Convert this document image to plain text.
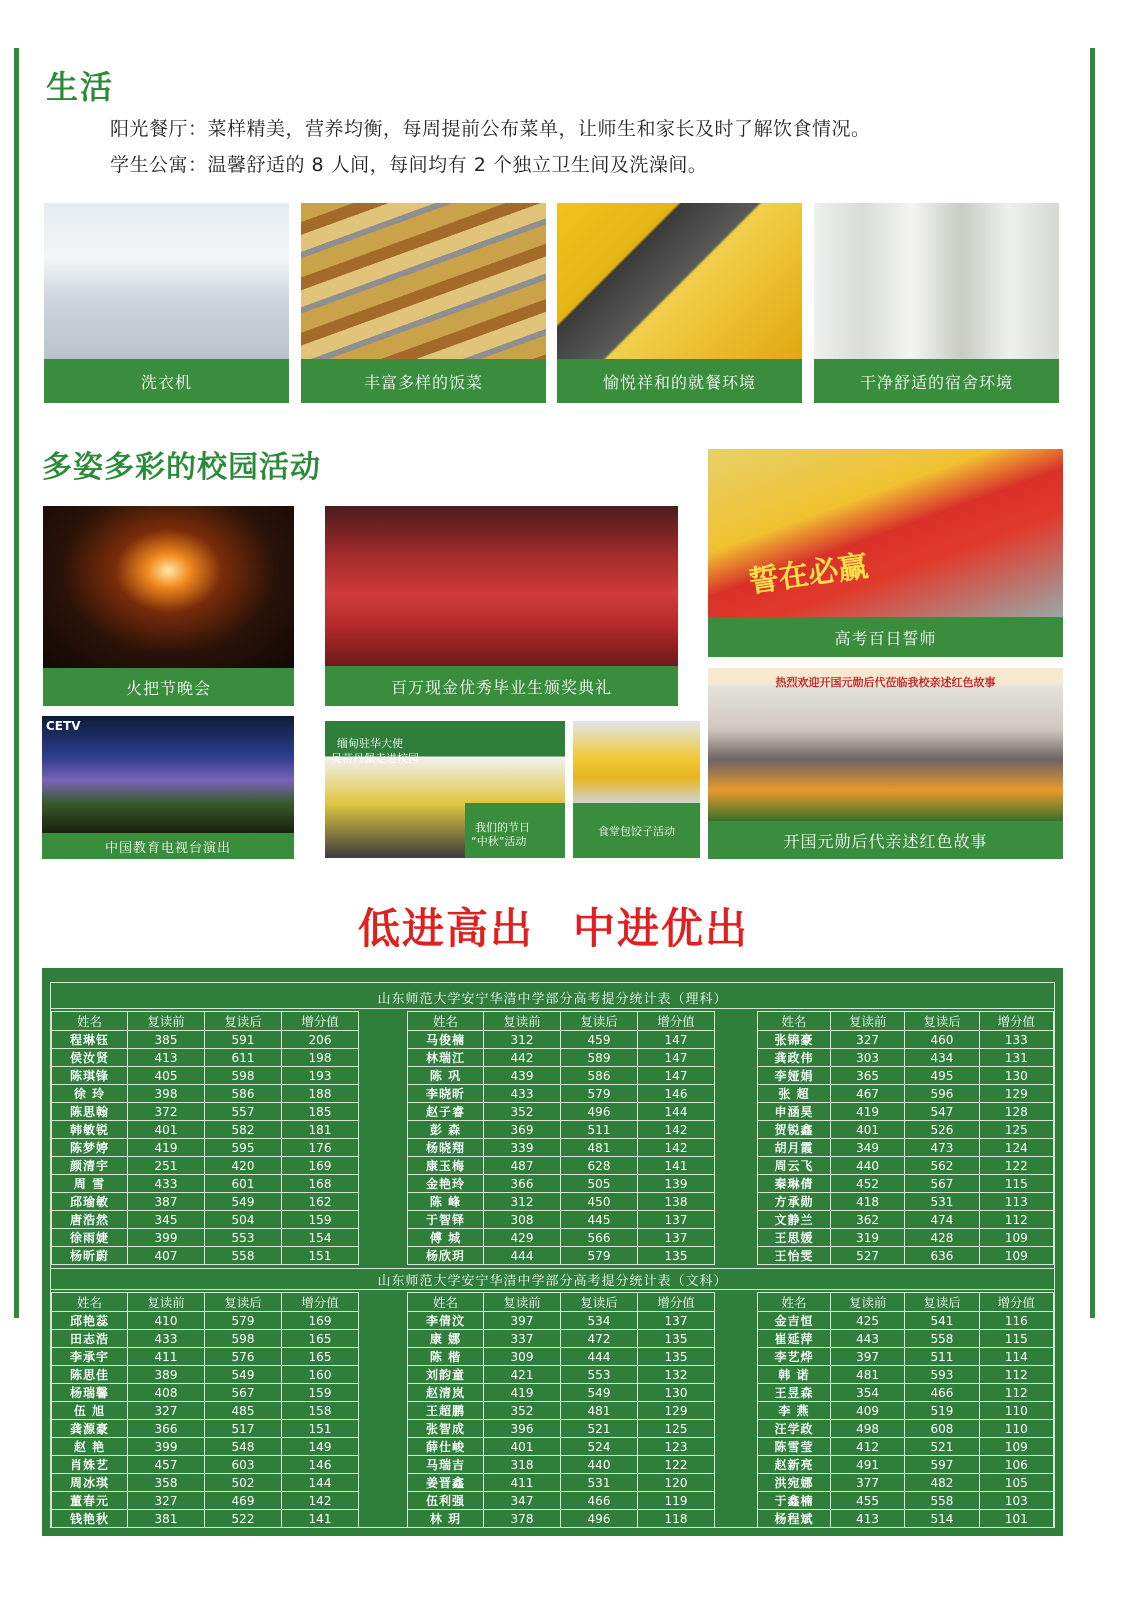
生活
阳光餐厅：菜样精美，营养均衡，每周提前公布菜单，让师生和家长及时了解饮食情况。
学生公寓：温馨舒适的 8 人间，每间均有 2 个独立卫生间及洗澡间。
洗衣机	丰富多样的饭菜	愉悦祥和的就餐环境	干净舒适的宿舍环境
多姿多彩的校园活动
火把节晚会	百万现金优秀毕业生颁奖典礼
誓在必赢
高考百日誓师
CETV
中国教育电视台演出
缅甸驻华大使
吴苗丹佩走进校园
我们的节日
“中秋”活动
食堂包饺子活动
热烈欢迎开国元勋后代莅临我校亲述红色故事
开国元勋后代亲述红色故事
低进高出 中进优出
山东师范大学安宁华清中学部分高考提分统计表（理科）
姓名	复读前	复读后	增分值
程琳钰	385	591	206
侯汝贤	413	611	198
陈琪锋	405	598	193
徐 玲	398	586	188
陈思翰	372	557	185
韩敏锐	401	582	181
陈梦婷	419	595	176
颜清宇	251	420	169
周 雪	433	601	168
邱瑜敏	387	549	162
唐浩然	345	504	159
徐雨婕	399	553	154
杨昕蔚	407	558	151
姓名	复读前	复读后	增分值
马俊楠	312	459	147
林瑞江	442	589	147
陈 巩	439	586	147
李晓昕	433	579	146
赵子睿	352	496	144
彭 森	369	511	142
杨晓翔	339	481	142
康玉梅	487	628	141
金艳玲	366	505	139
陈 峰	312	450	138
于智铎	308	445	137
傅 城	429	566	137
杨欣玥	444	579	135
姓名	复读前	复读后	增分值
张锦豪	327	460	133
龚政伟	303	434	131
李娅娟	365	495	130
张 超	467	596	129
申涵昊	419	547	128
贺锐鑫	401	526	125
胡月霞	349	473	124
周云飞	440	562	122
秦琳倩	452	567	115
方承勋	418	531	113
文静兰	362	474	112
王思媛	319	428	109
王怡雯	527	636	109
山东师范大学安宁华清中学部分高考提分统计表（文科）
姓名	复读前	复读后	增分值
邱艳蕊	410	579	169
田志浩	433	598	165
李承宇	411	576	165
陈思佳	389	549	160
杨瑞馨	408	567	159
伍 旭	327	485	158
龚源豪	366	517	151
赵 艳	399	548	149
肖姝艺	457	603	146
周冰琪	358	502	144
董春元	327	469	142
钱艳秋	381	522	141
姓名	复读前	复读后	增分值
李倩汶	397	534	137
康 娜	337	472	135
陈 楷	309	444	135
刘韵童	421	553	132
赵清岚	419	549	130
王超鹏	352	481	129
张智成	396	521	125
薛仕峻	401	524	123
马瑞吉	318	440	122
姜晋鑫	411	531	120
伍利强	347	466	119
林 玥	378	496	118
姓名	复读前	复读后	增分值
金吉恒	425	541	116
崔延萍	443	558	115
李艺烨	397	511	114
韩 诺	481	593	112
王昱森	354	466	112
李 燕	409	519	110
汪学政	498	608	110
陈雪莹	412	521	109
赵新亮	491	597	106
洪宛娜	377	482	105
于鑫楠	455	558	103
杨程斌	413	514	101
